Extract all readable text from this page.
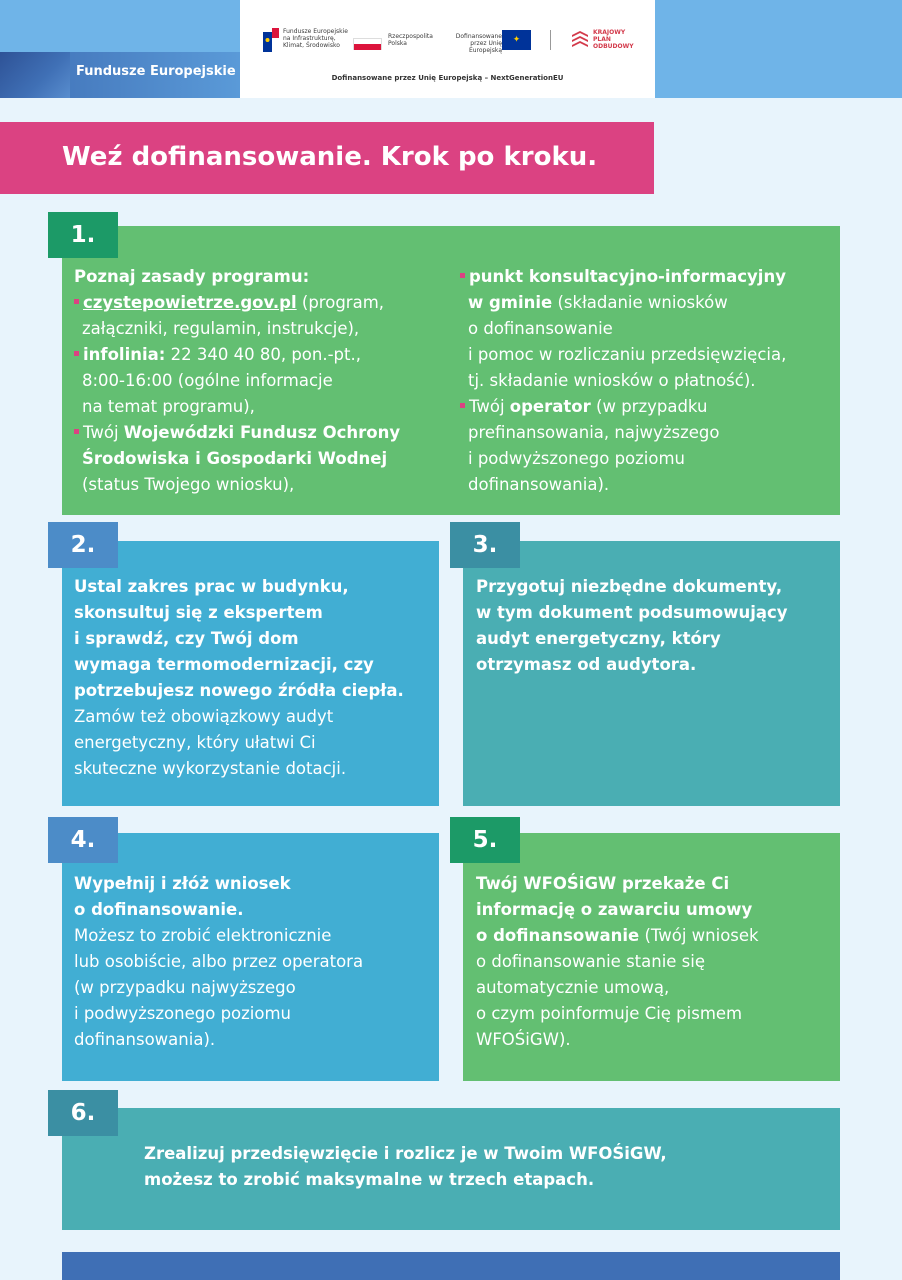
Fundusze Europejskie
Fundusze Europejskie na Infrastrukturę, Klimat, Środowisko
Rzeczpospolita Polska
Dofinansowane przez Unię Europejską
✦
KRAJOWY
PLAN
ODBUDOWY
Dofinansowane przez Unię Europejską – NextGenerationEU
Weź dofinansowanie. Krok po kroku.
1.
Poznaj zasady programu:
czystepowietrze.gov.pl (program,
załączniki, regulamin, instrukcje),
infolinia: 22 340 40 80, pon.-pt.,
8:00-16:00 (ogólne informacje
na temat programu),
Twój Wojewódzki Fundusz Ochrony
Środowiska i Gospodarki Wodnej
(status Twojego wniosku),
punkt konsultacyjno-informacyjny
w gminie (składanie wniosków
o dofinansowanie
i pomoc w rozliczaniu przedsięwzięcia,
tj. składanie wniosków o płatność).
Twój operator (w przypadku
prefinansowania, najwyższego
i podwyższonego poziomu
dofinansowania).
2.
Ustal zakres prac w budynku,
skonsultuj się z ekspertem
i sprawdź, czy Twój dom
wymaga termomodernizacji, czy
potrzebujesz nowego źródła ciepła.
Zamów też obowiązkowy audyt
energetyczny, który ułatwi Ci
skuteczne wykorzystanie dotacji.
3.
Przygotuj niezbędne dokumenty,
w tym dokument podsumowujący
audyt energetyczny, który
otrzymasz od audytora.
4.
Wypełnij i złóż wniosek
o dofinansowanie.
Możesz to zrobić elektronicznie
lub osobiście, albo przez operatora
(w przypadku najwyższego
i podwyższonego poziomu
dofinansowania).
5.
Twój WFOŚiGW przekaże Ci
informację o zawarciu umowy
o dofinansowanie (Twój wniosek
o dofinansowanie stanie się
automatycznie umową,
o czym poinformuje Cię pismem
WFOŚiGW).
6.
Zrealizuj przedsięwzięcie i rozlicz je w Twoim WFOŚiGW,
możesz to zrobić maksymalne w trzech etapach.
